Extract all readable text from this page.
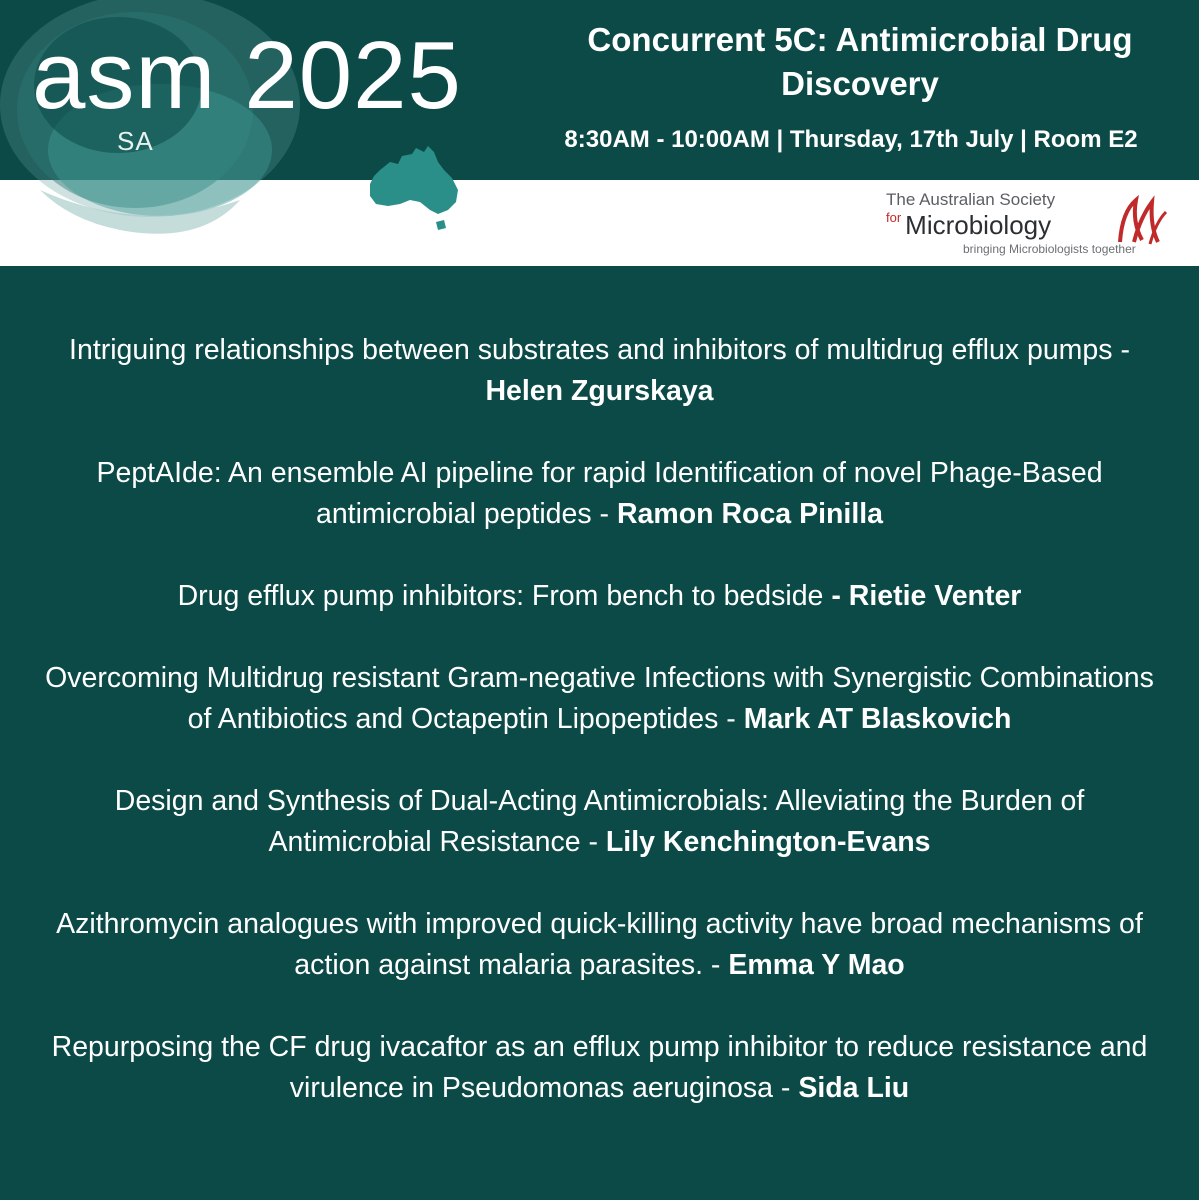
asm 2025
SA
Concurrent 5C: Antimicrobial Drug Discovery
8:30AM - 10:00AM | Thursday, 17th July | Room E2
The Australian Society
$^{for}$ Microbiology
bringing Microbiologists together
Intriguing relationships between substrates and inhibitors of multidrug efflux pumps - Helen Zgurskaya
PeptAIde: An ensemble AI pipeline for rapid Identification of novel Phage-Based antimicrobial peptides - Ramon Roca Pinilla
Drug efflux pump inhibitors: From bench to bedside - Rietie Venter
Overcoming Multidrug resistant Gram-negative Infections with Synergistic Combinations of Antibiotics and Octapeptin Lipopeptides - Mark AT Blaskovich
Design and Synthesis of Dual-Acting Antimicrobials: Alleviating the Burden of Antimicrobial Resistance - Lily Kenchington-Evans
Azithromycin analogues with improved quick-killing activity have broad mechanisms of action against malaria parasites. - Emma Y Mao
Repurposing the CF drug ivacaftor as an efflux pump inhibitor to reduce resistance and virulence in Pseudomonas aeruginosa - Sida Liu
